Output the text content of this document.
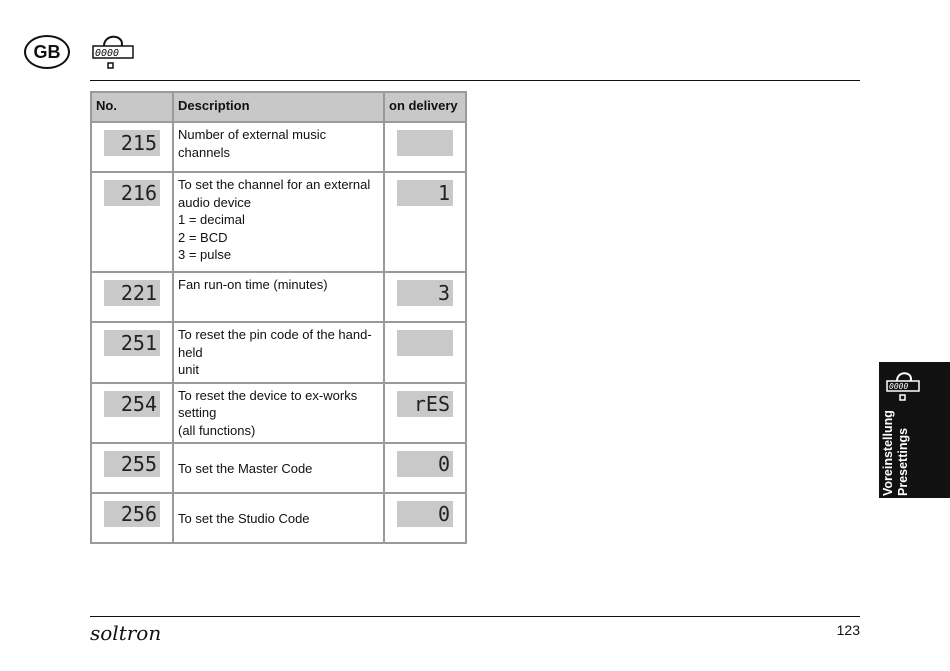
GB	0000
No.	Description	on delivery

215	Number of external music channels	

216	To set the channel for an external
audio device
1 = decimal
2 = BCD
3 = pulse	1

221	Fan run-on time (minutes)	3

251	To reset the pin code of the hand-held
unit	

254	To reset the device to ex-works setting
(all functions)	rES

255	To set the Master Code	0

256	To set the Studio Code	0
0000
Voreinstellung Presettings
soltron	123
